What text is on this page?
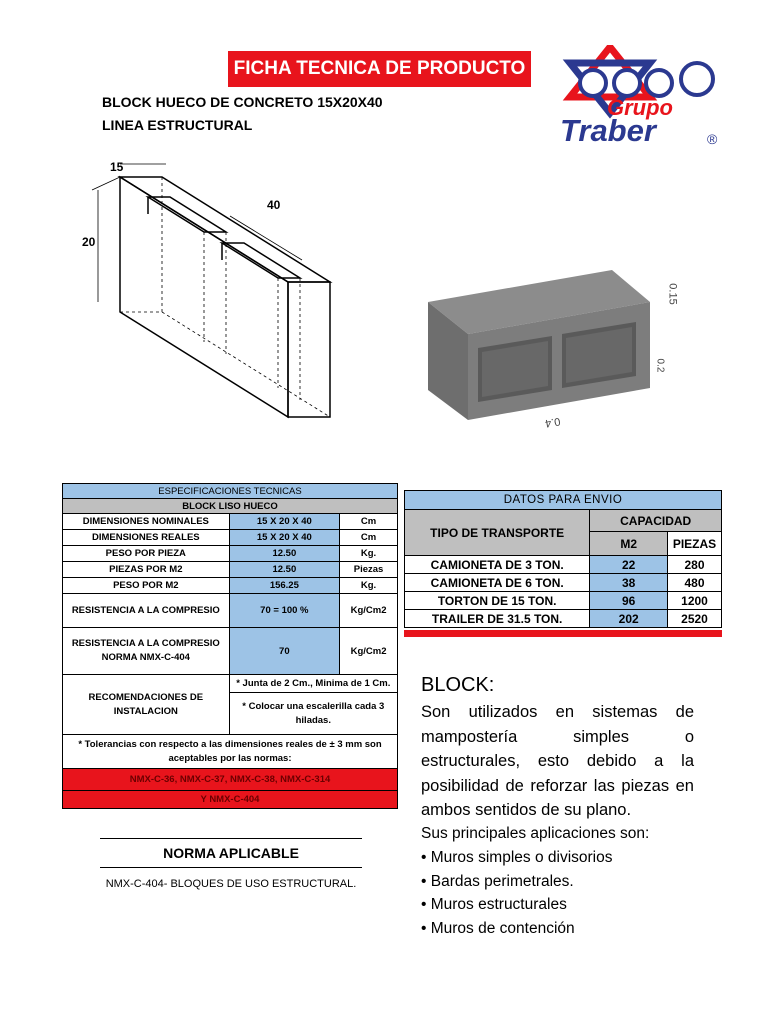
FICHA TECNICA DE PRODUCTO
BLOCK HUECO DE CONCRETO 15X20X40
LINEA ESTRUCTURAL
Grupo
Traber	®
15
40
20
0.15
0.4
0.2
ESPECIFICACIONES TECNICAS		
BLOCK LISO HUECO		
DIMENSIONES NOMINALES	15 X 20 X 40	Cm
DIMENSIONES REALES	15 X 20 X 40	Cm
PESO POR PIEZA	12.50	Kg.
PIEZAS POR M2	12.50	Piezas
PESO POR M2	156.25	Kg.
RESISTENCIA A LA COMPRESIO	70 = 100 %	Kg/Cm2
RESISTENCIA A LA COMPRESIO NORMA NMX-C-404	70	Kg/Cm2
RECOMENDACIONES DE INSTALACION	* Junta de 2 Cm., Minima de 1 Cm.	
	* Colocar una escalerilla cada 3 hiladas.	
* Tolerancias con respecto a las dimensiones reales de ± 3 mm son aceptables por las normas:		
NMX-C-36, NMX-C-37, NMX-C-38, NMX-C-314		
Y NMX-C-404		
NORMA APLICABLE
NMX-C-404- BLOQUES DE USO ESTRUCTURAL.
DATOS PARA ENVIO		
TIPO DE TRANSPORTE	CAPACIDAD	
	M2	PIEZAS
CAMIONETA DE 3 TON.	22	280
CAMIONETA DE 6 TON.	38	480
TORTON DE 15 TON.	96	1200
TRAILER DE 31.5 TON.	202	2520
BLOCK:
Son utilizados en sistemas de mampostería simples o estructurales, esto debido a la posibilidad de reforzar las piezas en ambos sentidos de su plano.
Sus principales aplicaciones son:
• Muros simples o divisorios
• Bardas perimetrales.
• Muros estructurales
• Muros de contención
